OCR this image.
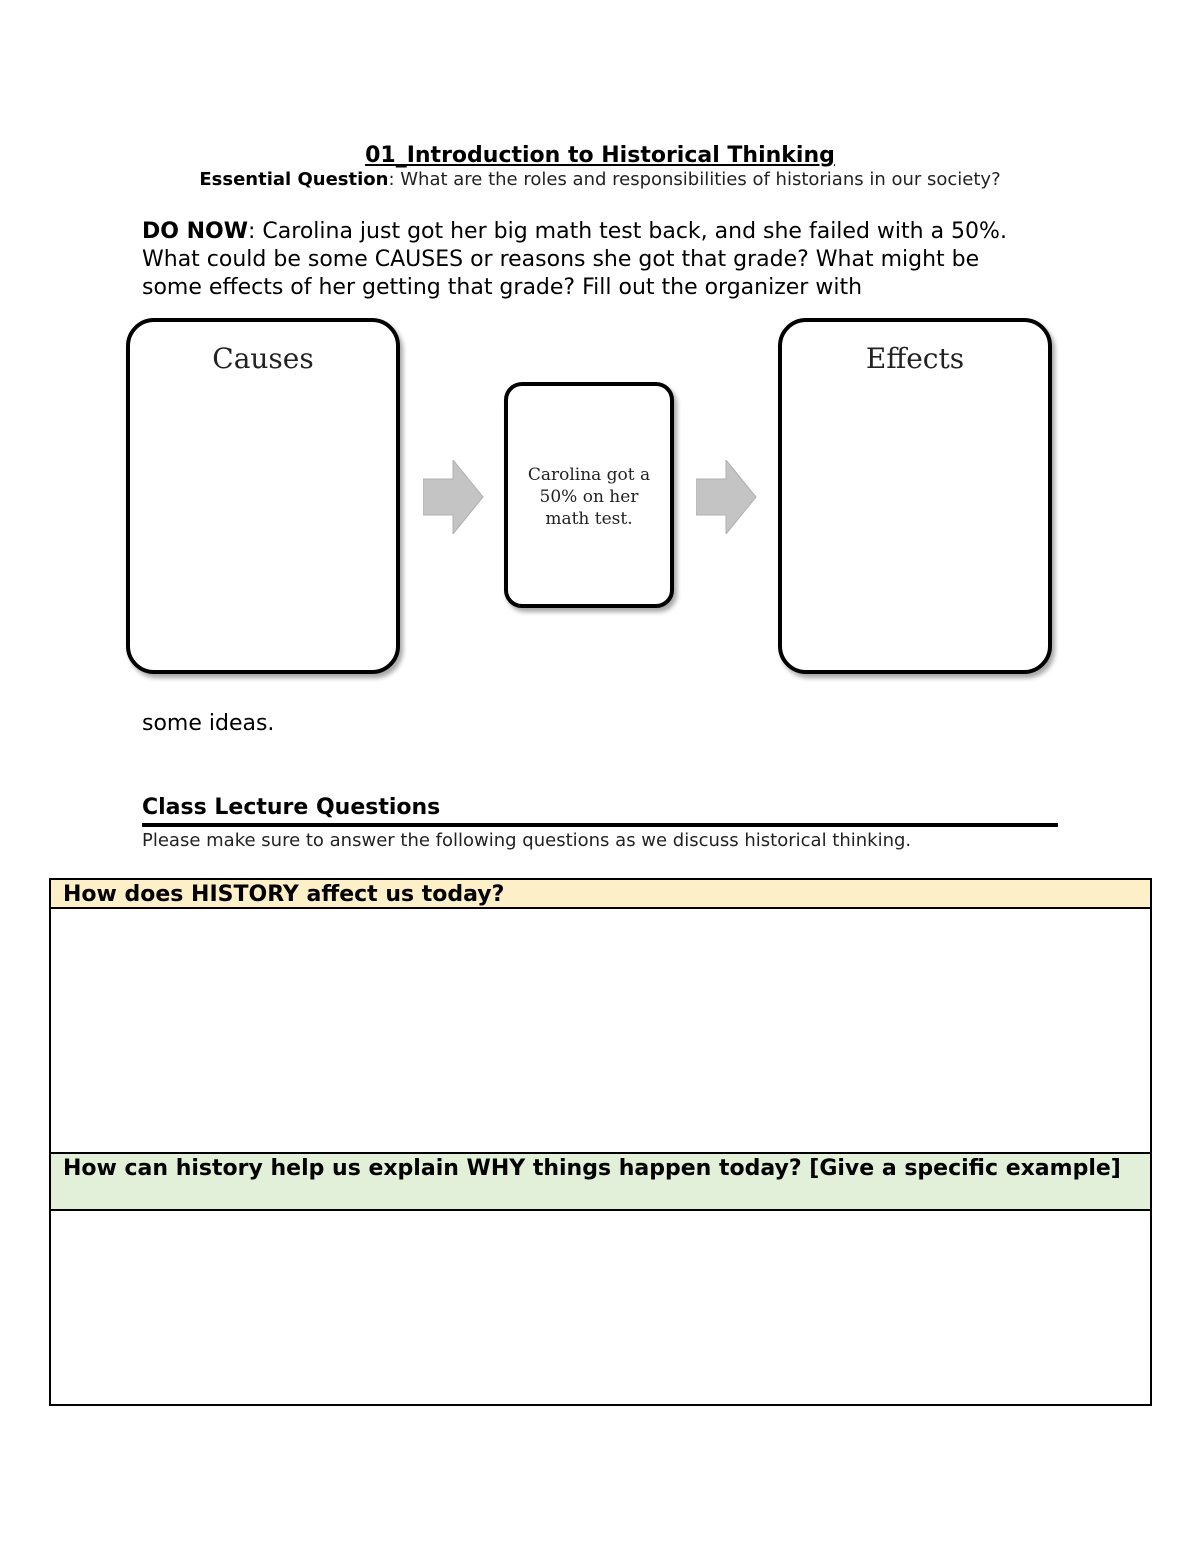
01_Introduction to Historical Thinking
Essential Question: What are the roles and responsibilities of historians in our society?
DO NOW: Carolina just got her big math test back, and she failed with a 50%. What could be some CAUSES or reasons she got that grade? What might be some effects of her getting that grade? Fill out the organizer with
Causes
Carolina got a 50% on her math test.
Effects
some ideas.
Class Lecture Questions
Please make sure to answer the following questions as we discuss historical thinking.
How does HISTORY affect us today?
How can history help us explain WHY things happen today? [Give a specific example]
